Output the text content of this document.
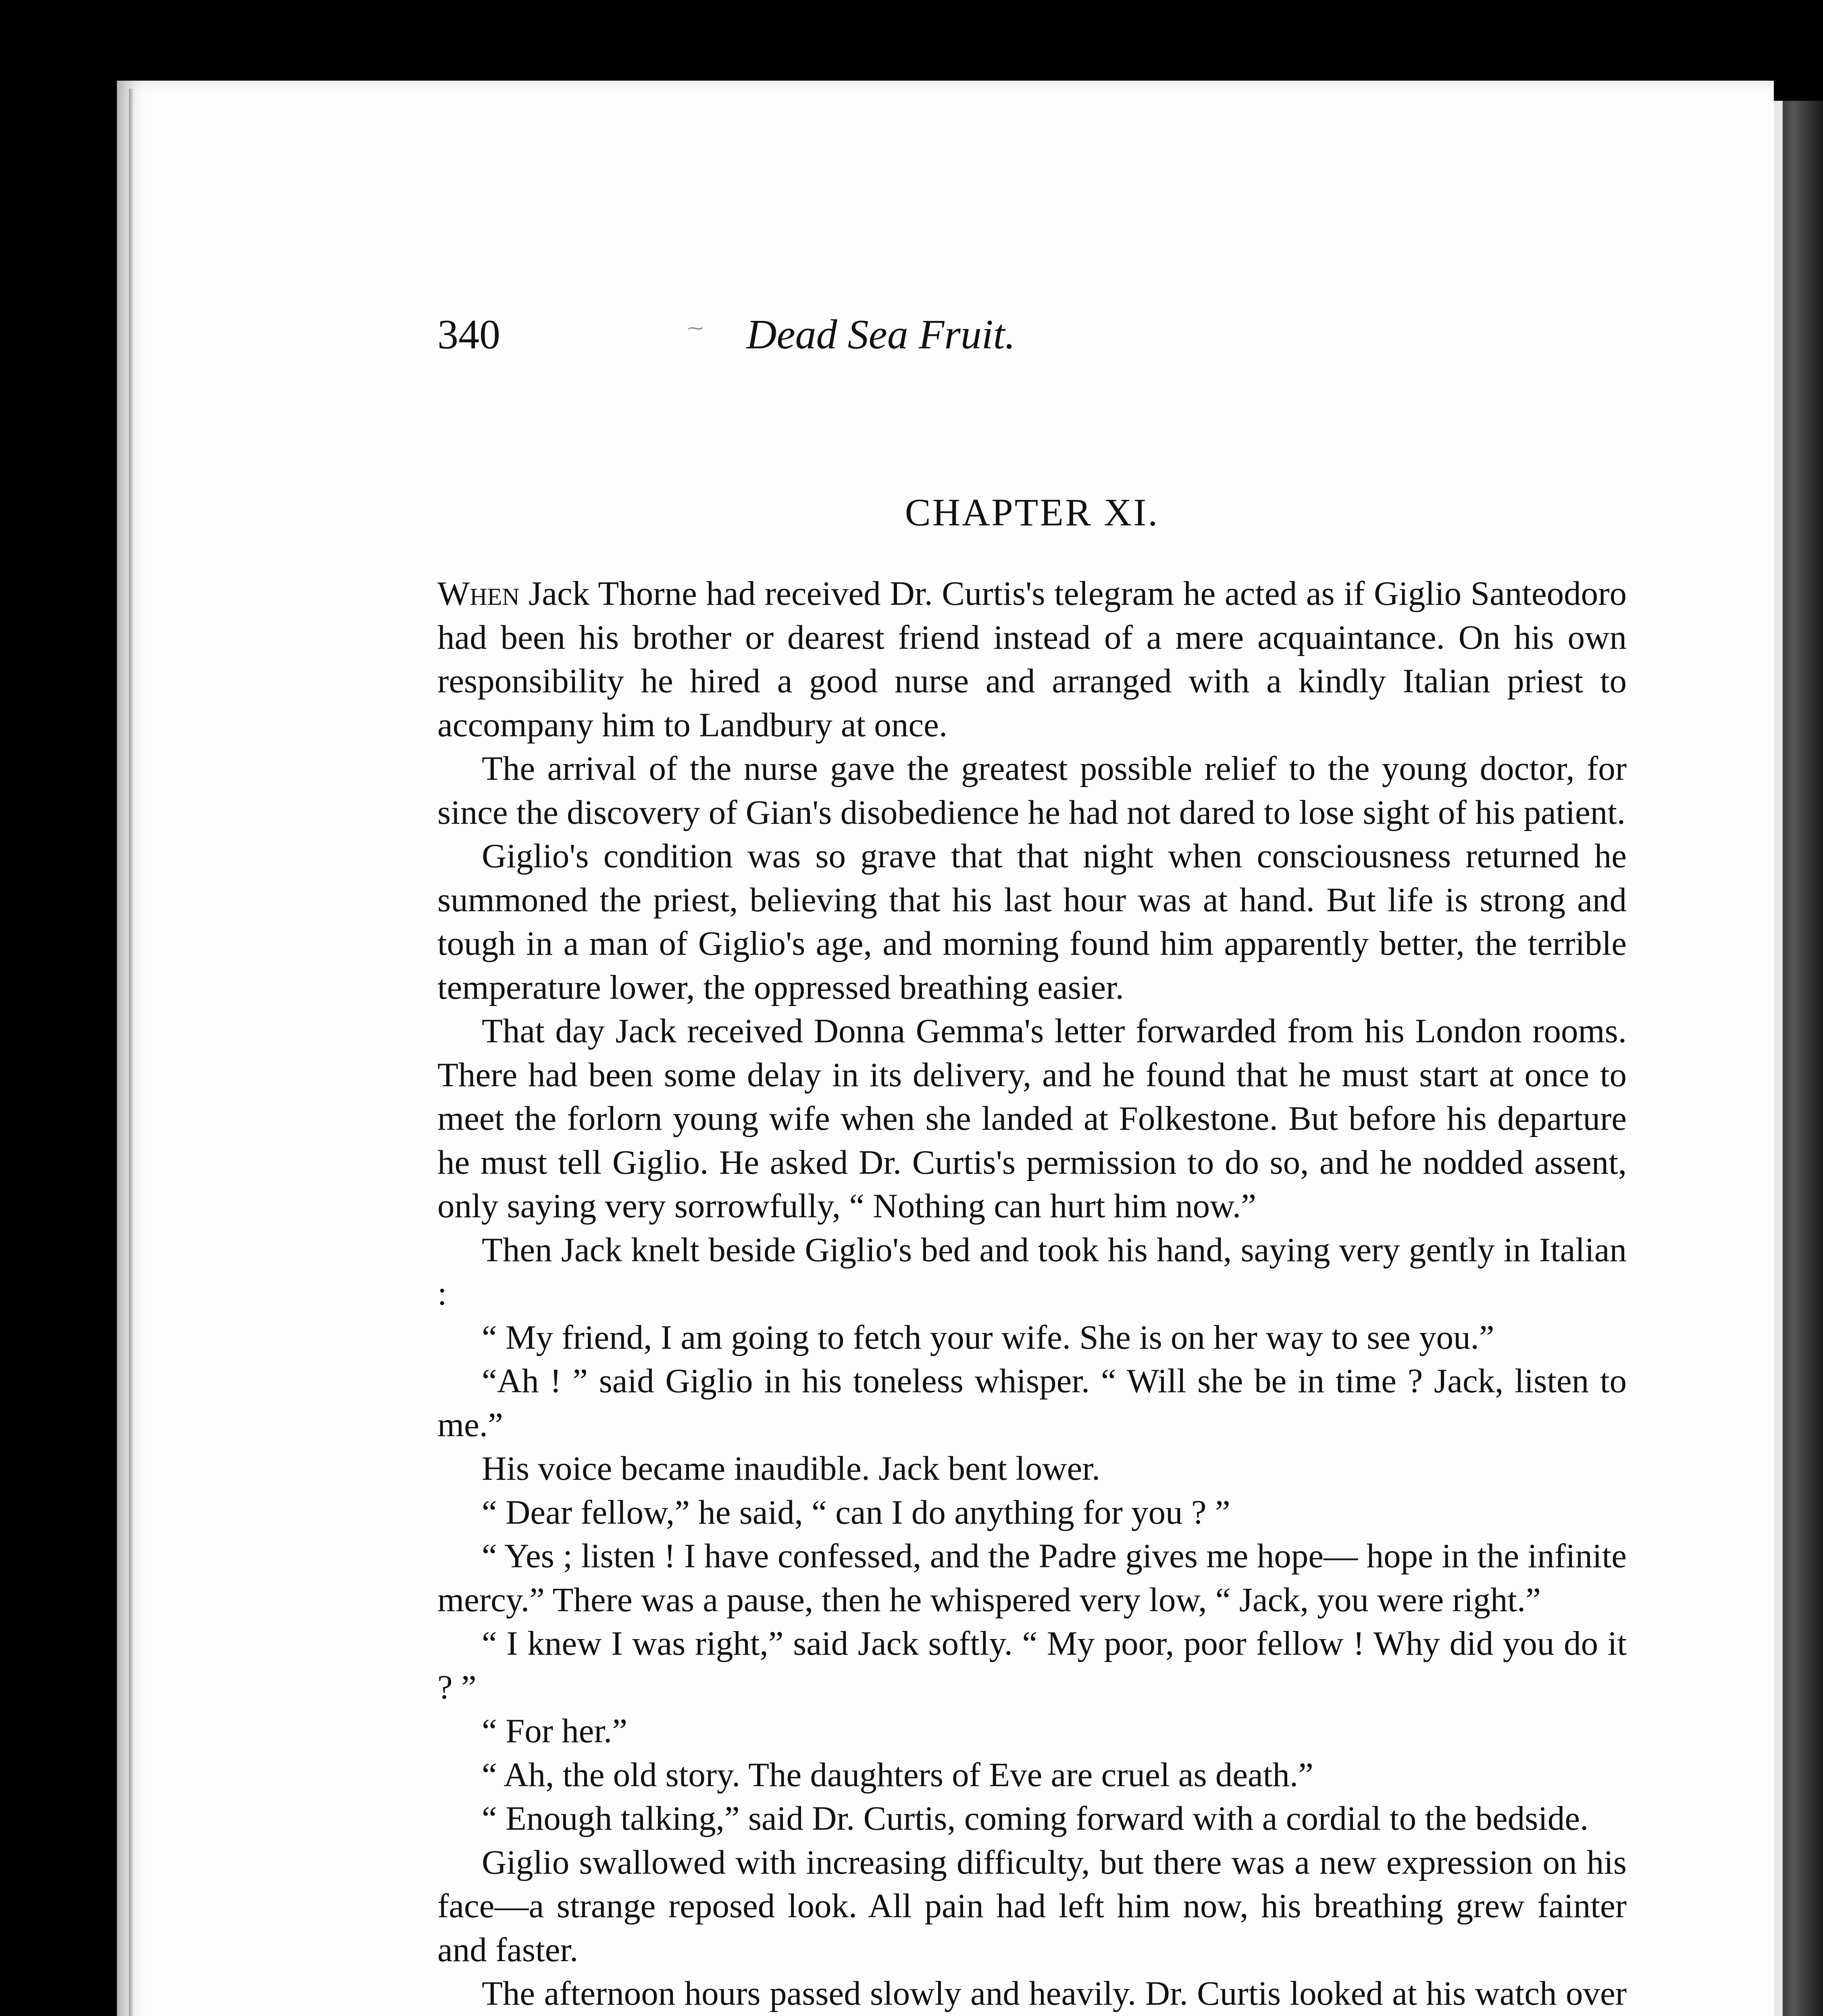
340	⁓	Dead Sea Fruit.
CHAPTER XI.

When Jack Thorne had received Dr. Curtis's telegram he acted as if Giglio Santeodoro had been his brother or dearest friend instead of a mere acquaintance. On his own responsibility he hired a good nurse and arranged with a kindly Italian priest to accompany him to Landbury at once.

The arrival of the nurse gave the greatest possible relief to the young doctor, for since the discovery of Gian's disobedience he had not dared to lose sight of his patient.

Giglio's condition was so grave that that night when consciousness returned he summoned the priest, believing that his last hour was at hand. But life is strong and tough in a man of Giglio's age, and morning found him apparently better, the terrible temperature lower, the oppressed breathing easier.

That day Jack received Donna Gemma's letter forwarded from his London rooms. There had been some delay in its delivery, and he found that he must start at once to meet the forlorn young wife when she landed at Folkestone. But before his departure he must tell Giglio. He asked Dr. Curtis's permission to do so, and he nodded assent, only saying very sorrowfully, “ Nothing can hurt him now.”

Then Jack knelt beside Giglio's bed and took his hand, saying very gently in Italian :

“ My friend, I am going to fetch your wife. She is on her way to see you.”

“Ah ! ” said Giglio in his toneless whisper. “ Will she be in time ? Jack, listen to me.”

His voice became inaudible. Jack bent lower.

“ Dear fellow,” he said, “ can I do anything for you ? ”

“ Yes ; listen ! I have confessed, and the Padre gives me hope— hope in the infinite mercy.” There was a pause, then he whispered very low, “ Jack, you were right.”

“ I knew I was right,” said Jack softly. “ My poor, poor fellow ! Why did you do it ? ”

“ For her.”

“ Ah, the old story. The daughters of Eve are cruel as death.”

“ Enough talking,” said Dr. Curtis, coming forward with a cordial to the bedside.

Giglio swallowed with increasing difficulty, but there was a new expression on his face—a strange reposed look. All pain had left him now, his breathing grew fainter and faster.

The afternoon hours passed slowly and heavily. Dr. Curtis looked at his watch over
